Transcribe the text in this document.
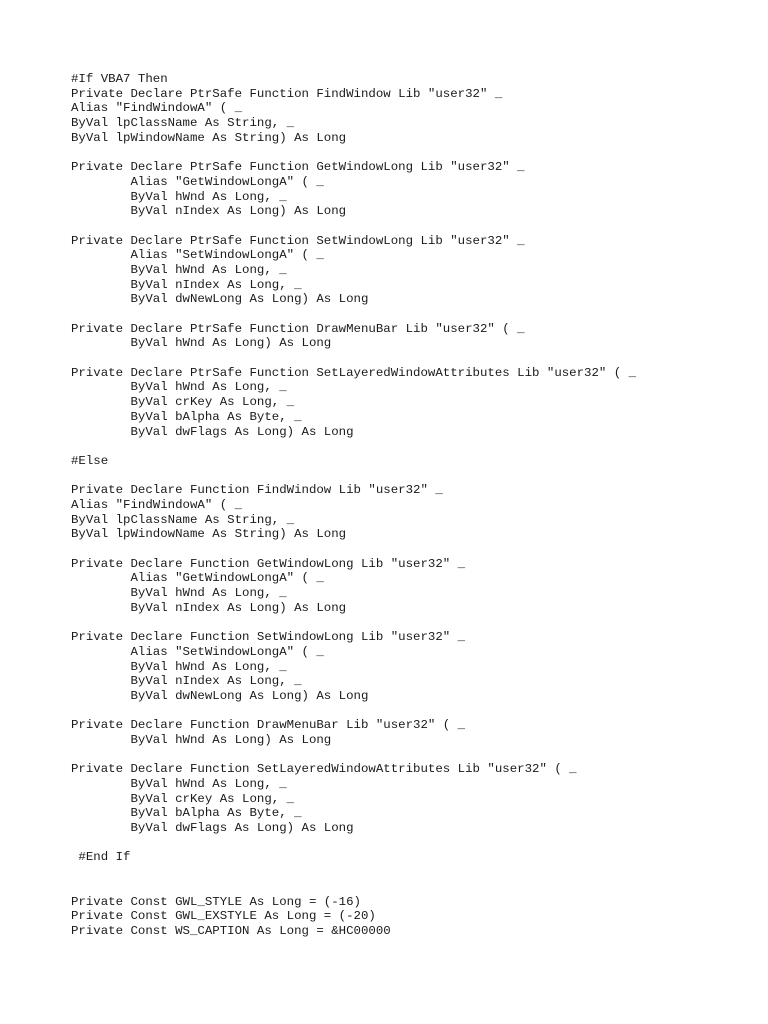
#If VBA7 Then
Private Declare PtrSafe Function FindWindow Lib "user32" _
Alias "FindWindowA" ( _
ByVal lpClassName As String, _
ByVal lpWindowName As String) As Long
Private Declare PtrSafe Function GetWindowLong Lib "user32" _
Alias "GetWindowLongA" ( _
ByVal hWnd As Long, _
ByVal nIndex As Long) As Long
Private Declare PtrSafe Function SetWindowLong Lib "user32" _
Alias "SetWindowLongA" ( _
ByVal hWnd As Long, _
ByVal nIndex As Long, _
ByVal dwNewLong As Long) As Long
Private Declare PtrSafe Function DrawMenuBar Lib "user32" ( _
ByVal hWnd As Long) As Long
Private Declare PtrSafe Function SetLayeredWindowAttributes Lib "user32" ( _
ByVal hWnd As Long, _
ByVal crKey As Long, _
ByVal bAlpha As Byte, _
ByVal dwFlags As Long) As Long
#Else
Private Declare Function FindWindow Lib "user32" _
Alias "FindWindowA" ( _
ByVal lpClassName As String, _
ByVal lpWindowName As String) As Long
Private Declare Function GetWindowLong Lib "user32" _
Alias "GetWindowLongA" ( _
ByVal hWnd As Long, _
ByVal nIndex As Long) As Long
Private Declare Function SetWindowLong Lib "user32" _
Alias "SetWindowLongA" ( _
ByVal hWnd As Long, _
ByVal nIndex As Long, _
ByVal dwNewLong As Long) As Long
Private Declare Function DrawMenuBar Lib "user32" ( _
ByVal hWnd As Long) As Long
Private Declare Function SetLayeredWindowAttributes Lib "user32" ( _
ByVal hWnd As Long, _
ByVal crKey As Long, _
ByVal bAlpha As Byte, _
ByVal dwFlags As Long) As Long
#End If
Private Const GWL_STYLE As Long = (-16)
Private Const GWL_EXSTYLE As Long = (-20)
Private Const WS_CAPTION As Long = &HC00000
